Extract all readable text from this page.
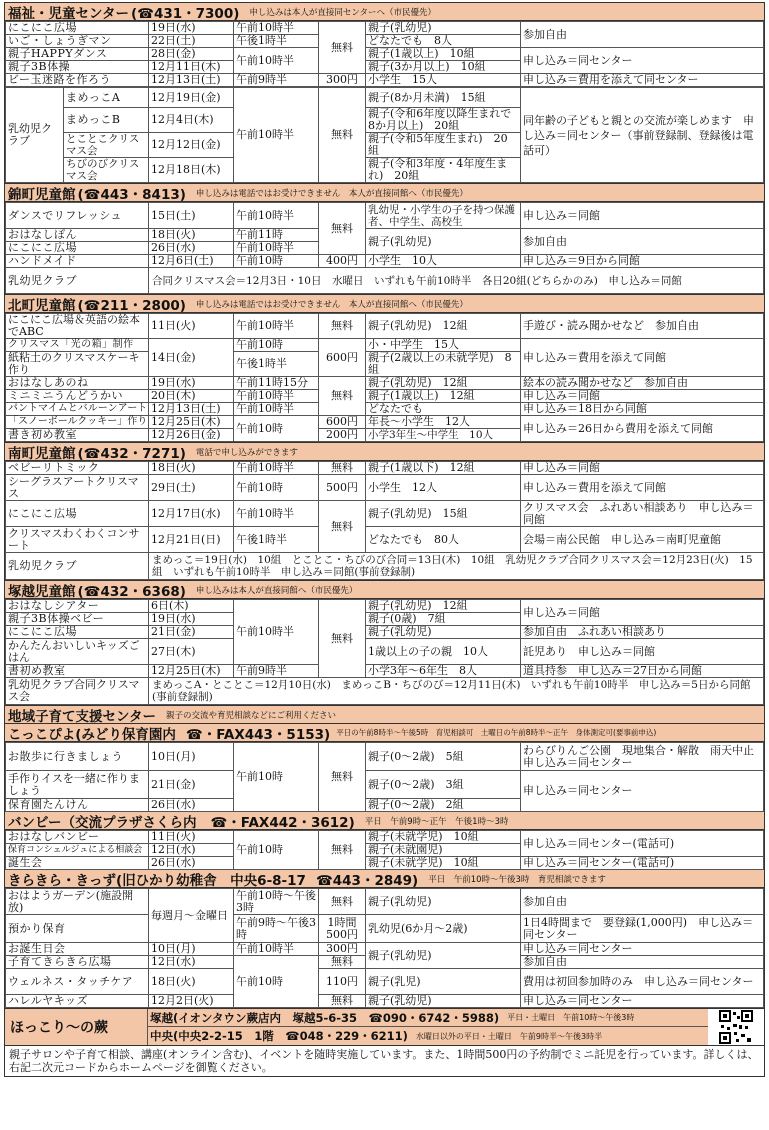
福祉・児童センター (☎431・7300) 申し込みは本人が直接同センターへ（市民優先）
にこにこ広場	19日(水)	午前10時半	無料	親子(乳幼児)	参加自由
いご・しょうぎマン	22日(土)	午後1時半		どなたでも　8人	
親子HAPPYダンス	28日(金)	午前10時半		親子(1歳以上)　10組	申し込み＝同センター
親子3B体操	12月11日(木)			親子(3か月以上)　10組	
ビー玉迷路を作ろう	12月13日(土)	午前9時半	300円	小学生　15人	申し込み＝費用を添えて同センター
乳幼児クラブ	まめっこA	12月19日(金)	午前10時半	無料	親子(8か月未満)　15組	同年齢の子どもと親との交流が楽しめます　申し込み＝同センター（事前登録制、登録後は電話可）
	まめっこB	12月4日(木)			親子(令和6年度以降生まれで8か月以上)　20組	
	とことこクリスマス会	12月12日(金)			親子(令和5年度生まれ)　20組	
	ちびのびクリスマス会	12月18日(木)			親子(令和3年度・4年度生まれ)　20組	
錦町児童館 (☎443・8413) 申し込みは電話ではお受けできません　本人が直接同館へ（市民優先）
ダンスでリフレッシュ	15日(土)	午前10時半	無料	乳幼児・小学生の子を持つ保護者、中学生、高校生	申し込み＝同館
おはなしぽん	18日(火)	午前11時		親子(乳幼児)	参加自由
にこにこ広場	26日(水)	午前10時半			
ハンドメイド	12月6日(土)	午前10時	400円	小学生　10人	申し込み＝9日から同館
乳幼児クラブ	合同クリスマス会＝12月3日・10日　水曜日　いずれも午前10時半　各日20組(どちらかのみ)　申し込み＝同館				
北町児童館 (☎211・2800) 申し込みは電話ではお受けできません　本人が直接同館へ（市民優先）
にこにこ広場＆英語の絵本でABC	11日(火)	午前10時半	無料	親子(乳幼児)　12組	手遊び・読み聞かせなど　参加自由
クリスマス「光の箱」制作	14日(金)	午前10時	600円	小・中学生　15人	申し込み＝費用を添えて同館
紙粘土のクリスマスケーキ作り		午後1時半		親子(2歳以上の未就学児)　8組	
おはなしあのね	19日(水)	午前11時15分	無料	親子(乳幼児)　12組	絵本の読み聞かせなど　参加自由
ミニミニうんどうかい	20日(木)	午前10時半		親子(1歳以上)　12組	申し込み＝同館
パントマイムとバルーンアート	12月13日(土)	午前10時半		どなたでも	申し込み＝18日から同館
「スノーボールクッキー」作り	12月25日(木)	午前10時	600円	年長～小学生　12人	申し込み＝26日から費用を添えて同館
書き初め教室	12月26日(金)		200円	小学3年生～中学生　10人	
南町児童館 (☎432・7271) 電話で申し込みができます
ベビーリトミック	18日(火)	午前10時半	無料	親子(1歳以下)　12組	申し込み＝同館
シーグラスアートクリスマス	29日(土)	午前10時	500円	小学生　12人	申し込み＝費用を添えて同館
にこにこ広場	12月17日(水)	午前10時半	無料	親子(乳幼児)　15組	クリスマス会　ふれあい相談あり　申し込み＝同館
クリスマスわくわくコンサート	12月21日(日)	午後1時半		どなたでも　80人	会場＝南公民館　申し込み＝南町児童館
乳幼児クラブ	まめっこ＝19日(水)　10組　とことこ・ちびのび合同＝13日(木)　10組　乳幼児クラブ合同クリスマス会＝12月23日(火)　15組　いずれも午前10時半　申し込み＝同館(事前登録制)				
塚越児童館 (☎432・6368) 申し込みは本人が直接同館へ（市民優先）
おはなしシアター	6日(木)	午前10時半	無料	親子(乳幼児)　12組	申し込み＝同館
親子3B体操ベビー	19日(水)			親子(0歳)　7組	
にこにこ広場	21日(金)			親子(乳幼児)	参加自由　ふれあい相談あり
かんたんおいしいキッズごはん	27日(木)			1歳以上の子の親　10人	託児あり　申し込み＝同館
書初め教室	12月25日(木)	午前9時半		小学3年～6年生　8人	道具持参　申し込み＝27日から同館
乳幼児クラブ合同クリスマス会	まめっこA・とことこ＝12月10日(水)　まめっこB・ちびのび＝12月11日(木)　いずれも午前10時半　申し込み＝5日から同館(事前登録制)				
地域子育て支援センター 親子の交流や育児相談などにご利用ください
こっこぴよ(みどり保育園内 ☎・FAX443・5153) 平日の午前8時半～午後5時　育児相談可　土曜日の午前8時半～正午　身体測定可(要事前申込)
お散歩に行きましょう	10日(月)	午前10時	無料	親子(0～2歳)　5組	わらびりんご公園　現地集合・解散　雨天中止　申し込み＝同センター
手作りイスを一緒に作りましょう	21日(金)			親子(0～2歳)　3組	申し込み＝同センター
保育園たんけん	26日(水)			親子(0～2歳)　2組	
バンビー（交流プラザさくら内 ☎・FAX442・3612) 平日　午前9時～正午　午後1時～3時
おはなしバンビー	11日(火)	午前10時	無料	親子(未就学児)　10組	申し込み＝同センター(電話可)
保育コンシェルジュによる相談会	12日(水)			親子(未就園児)	
誕生会	26日(水)			親子(未就学児)　10組	申し込み＝同センター(電話可)
きらきら・きっず(旧ひかり幼稚舎　中央6-8-17 ☎443・2849) 平日　午前10時～午後3時　育児相談できます
おはようガーデン(施設開放)	毎週月～金曜日	午前10時～午後3時	無料	親子(乳幼児)	参加自由
預かり保育		午前9時～午後3時	1時間500円	乳幼児(6か月～2歳)	1日4時間まで　要登録(1,000円)　申し込み＝同センター
お誕生日会	10日(月)	午前10時半	300円	親子(乳幼児)	申し込み＝同センター
子育てきらきら広場	12日(水)	午前10時	無料		参加自由
ウェルネス・タッチケア	18日(火)		110円	親子(乳児)	費用は初回参加時のみ　申し込み＝同センター
ハレルヤキッズ	12月2日(火)		無料	親子(乳幼児)	申し込み＝同センター
ほっこり～の蕨
塚越(イオンタウン蕨店内　塚越5-6-35　☎090・6742・5988) 平日・土曜日　午前10時～午後3時
中央(中央2-2-15　1階　☎048・229・6211) 水曜日以外の平日・土曜日　午前9時半～午後3時半
親子サロンや子育て相談、講座(オンライン含む)、イベントを随時実施しています。また、1時間500円の予約制でミニ託児を行っています。詳しくは、右記二次元コードからホームページを御覧ください。
